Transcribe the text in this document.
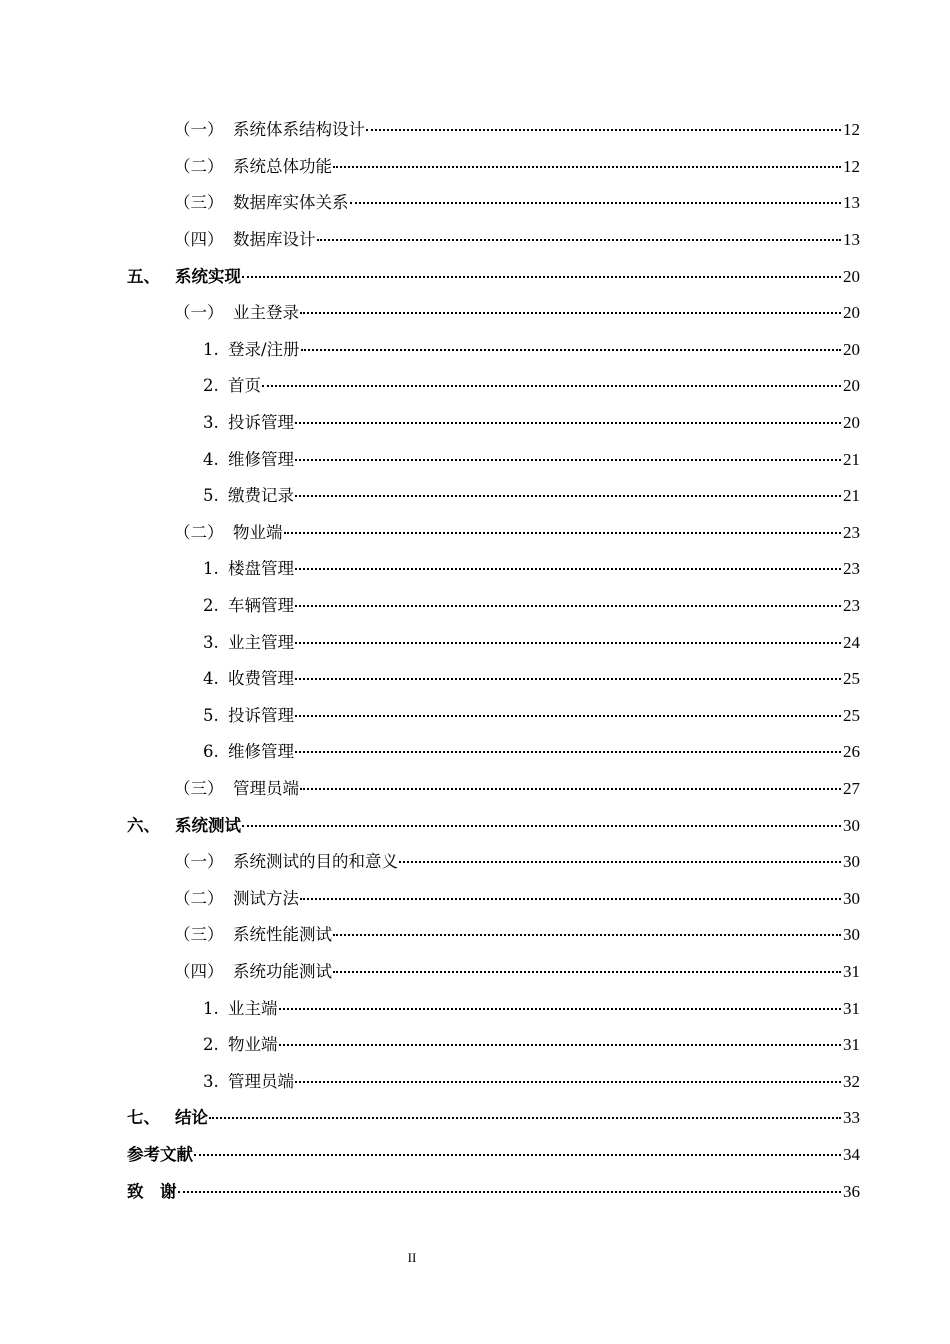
（一） 系统体系结构设计	12
（二） 系统总体功能	12
（三） 数据库实体关系	13
（四） 数据库设计	13
五、 系统实现	20
（一） 业主登录	20
1. 登录/注册	20
2. 首页	20
3. 投诉管理	20
4. 维修管理	21
5. 缴费记录	21
（二） 物业端	23
1. 楼盘管理	23
2. 车辆管理	23
3. 业主管理	24
4. 收费管理	25
5. 投诉管理	25
6. 维修管理	26
（三） 管理员端	27
六、 系统测试	30
（一） 系统测试的目的和意义	30
（二） 测试方法	30
（三） 系统性能测试	30
（四） 系统功能测试	31
1. 业主端	31
2. 物业端	31
3. 管理员端	32
七、 结论	33
参考文献	34
致　谢	36
II
